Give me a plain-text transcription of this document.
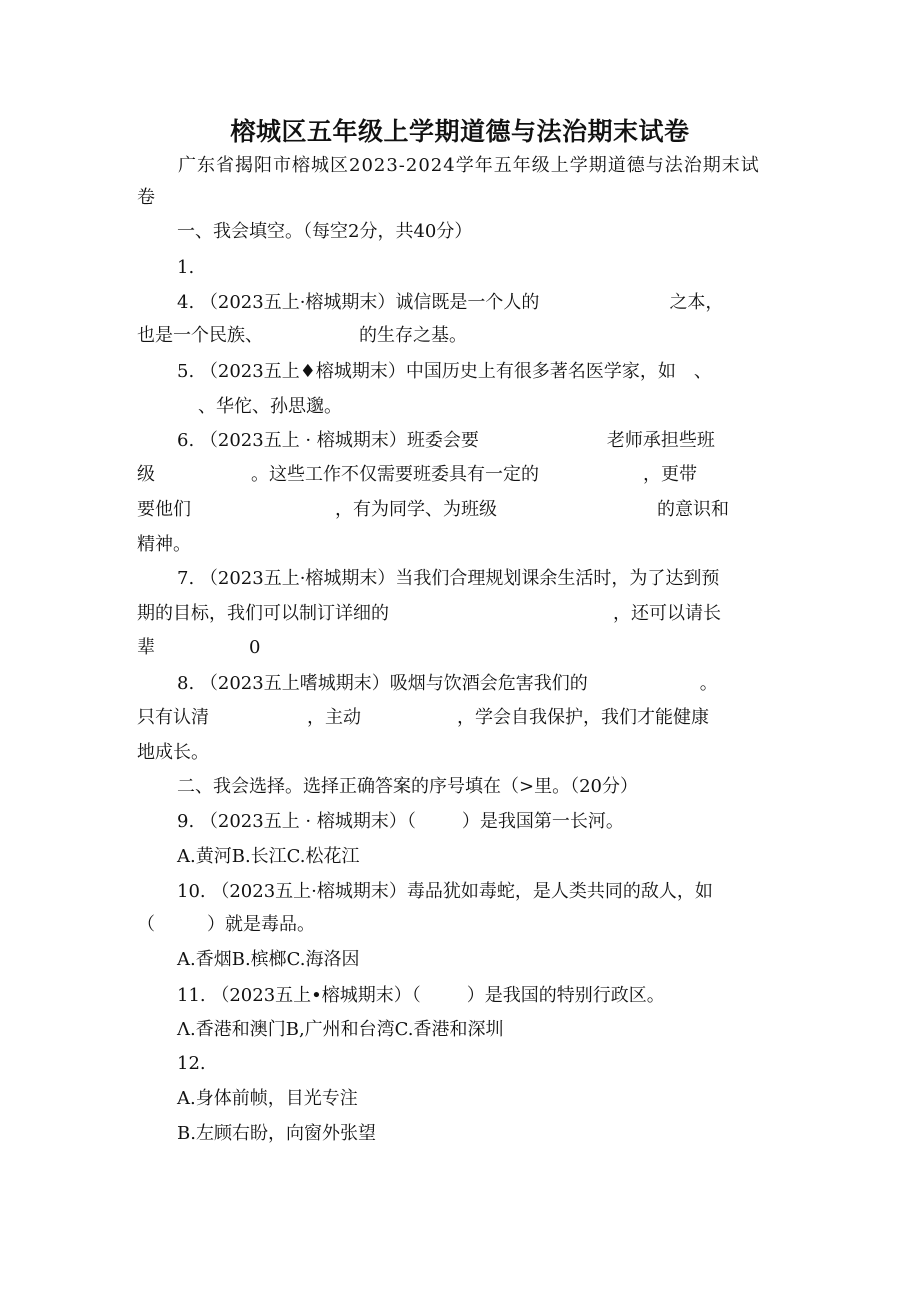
榕城区五年级上学期道德与法治期末试卷
广东省揭阳市榕城区2023-2024学年五年级上学期道德与法治期末试
卷
一、我会填空。（每空2分，共40分）
1.
4. （2023五上·榕城期末）诚信既是一个人的	之本，
也是一个民族、	的生存之基。
5. （2023五上♦榕城期末）中国历史上有很多著名医学家，如 、
、华佗、孙思邈。
6. （2023五上 · 榕城期末）班委会要	老师承担些班
级	。这些工作不仅需要班委具有一定的	，更带
要他们	，有为同学、为班级	的意识和
精神。
7. （2023五上·榕城期末）当我们合理规划课余生活时，为了达到预
期的目标，我们可以制订详细的	，还可以请长
辈	0
8. （2023五上嗜城期末）吸烟与饮酒会危害我们的	。
只有认清	，主动	，学会自我保护，我们才能健康
地成长。
二、我会选择。选择正确答案的序号填在（>里。（20分）
9. （2023五上 · 榕城期末）（	）是我国第一长河。
A.黄河B.长江C.松花江
10. （2023五上·榕城期末）毒品犹如毒蛇，是人类共同的敌人，如
（	）就是毒品。
A.香烟B.槟榔C.海洛因
11. （2023五上•榕城期末）（	）是我国的特别行政区。
Λ.香港和澳门B,广州和台湾C.香港和深圳
12.
A.身体前帧，目光专注
B.左顾右盼，向窗外张望
